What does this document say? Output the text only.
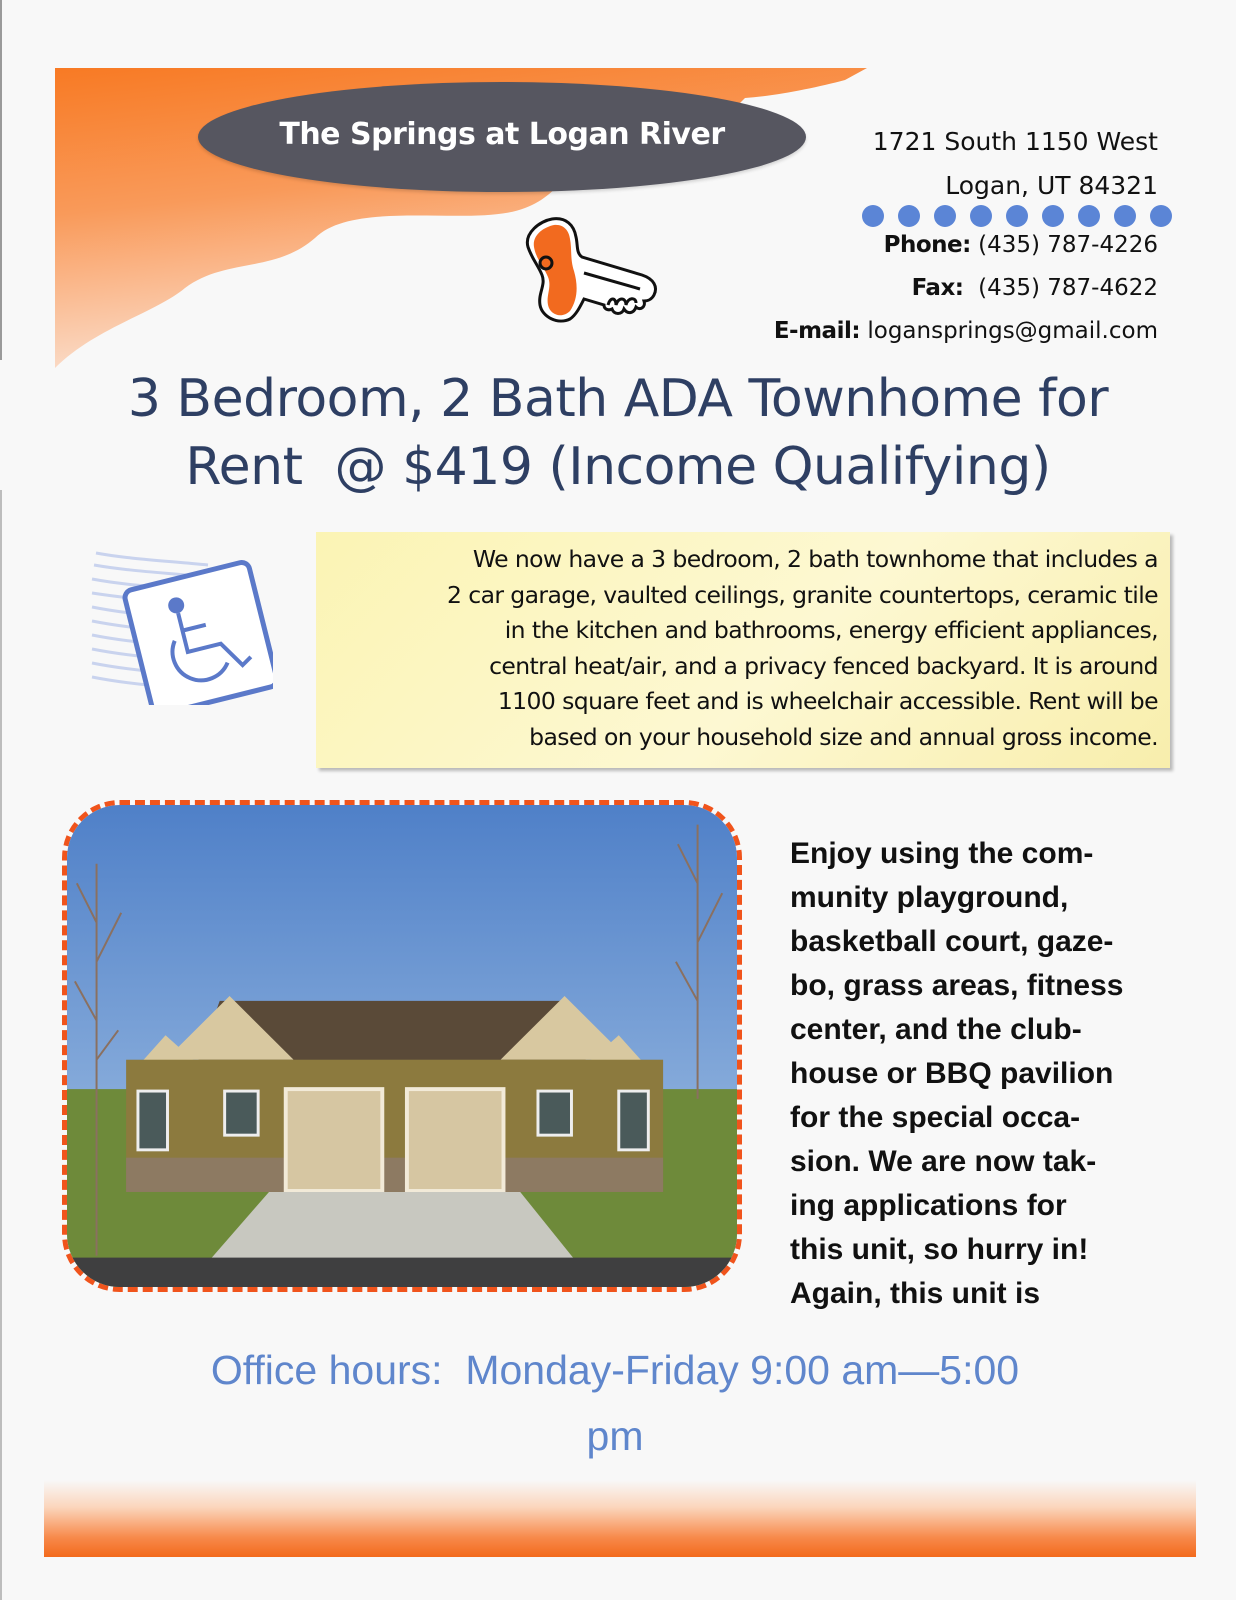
The Springs at Logan River	1721 South 1150 West
Logan, UT 84321
Phone: (435) 787-4226
Fax: (435) 787-4622
E-mail: logansprings@gmail.com
3 Bedroom, 2 Bath ADA Townhome for
Rent  @ $419 (Income Qualifying)
We now have a 3 bedroom, 2 bath townhome that includes a
2 car garage, vaulted ceilings, granite countertops, ceramic tile
in the kitchen and bathrooms, energy efficient appliances,
central heat/air, and a privacy fenced backyard. It is around
1100 square feet and is wheelchair accessible. Rent will be
based on your household size and annual gross income.
Enjoy using the com-
munity playground,
basketball court, gaze-
bo, grass areas, fitness
center, and the club-
house or BBQ pavilion
for the special occa-
sion. We are now tak-
ing applications for
this unit, so hurry in!
Again, this unit is
Office hours:  Monday-Friday 9:00 am—5:00
pm
